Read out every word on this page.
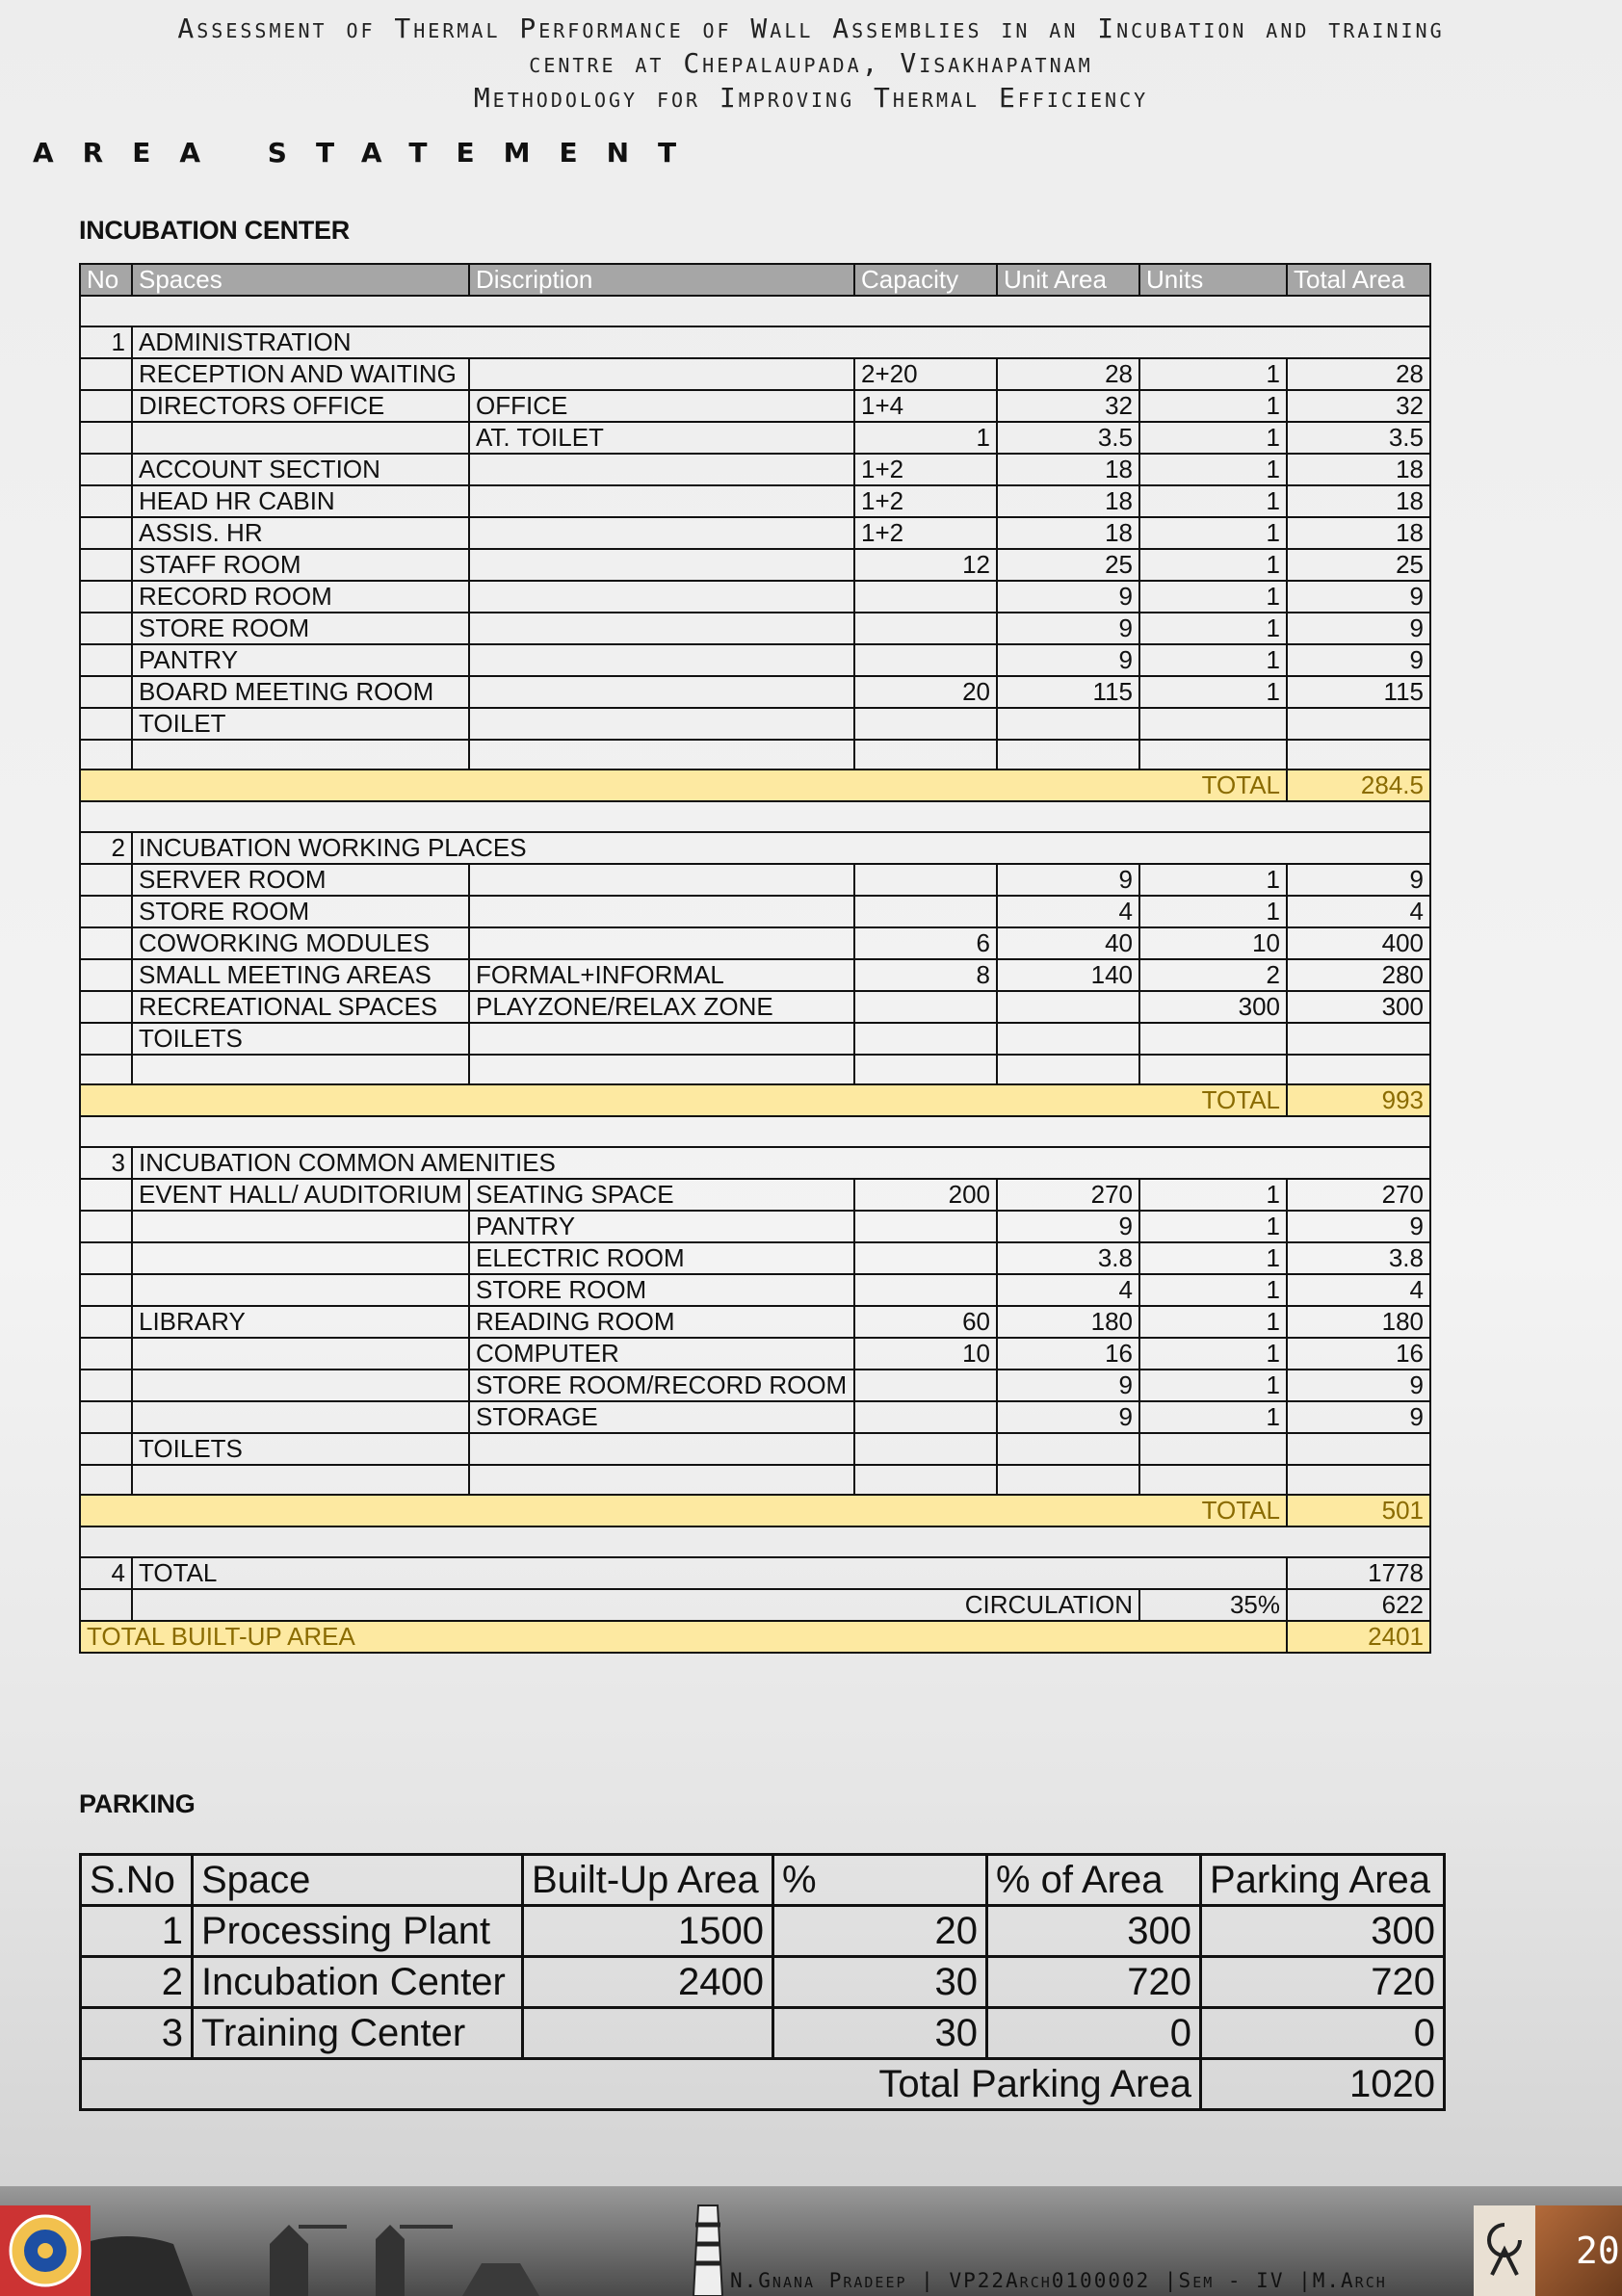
Assessment of Thermal Performance of Wall Assemblies in an Incubation and training
centre at Chepalaupada, Visakhapatnam
Methodology for Improving Thermal Efficiency
AREA STATEMENT
INCUBATION CENTER
No	Spaces	Discription	Capacity	Unit Area	Units	Total Area

1	ADMINISTRATION					
	RECEPTION AND WAITING		2+20	28	1	28
	DIRECTORS OFFICE	OFFICE	1+4	32	1	32
		AT. TOILET	1	3.5	1	3.5
	ACCOUNT SECTION		1+2	18	1	18
	HEAD HR CABIN		1+2	18	1	18
	ASSIS. HR		1+2	18	1	18
	STAFF ROOM		12	25	1	25
	RECORD ROOM			9	1	9
	STORE ROOM			9	1	9
	PANTRY			9	1	9
	BOARD MEETING ROOM		20	115	1	115
	TOILET					

TOTAL						284.5

2	INCUBATION WORKING PLACES					
	SERVER ROOM			9	1	9
	STORE ROOM			4	1	4
	COWORKING MODULES		6	40	10	400
	SMALL MEETING AREAS	FORMAL+INFORMAL	8	140	2	280
	RECREATIONAL SPACES	PLAYZONE/RELAX ZONE			300	300
	TOILETS					

TOTAL						993

3	INCUBATION COMMON AMENITIES					
	EVENT HALL/ AUDITORIUM	SEATING SPACE	200	270	1	270
		PANTRY		9	1	9
		ELECTRIC ROOM		3.8	1	3.8
		STORE ROOM		4	1	4
	LIBRARY	READING ROOM	60	180	1	180
		COMPUTER	10	16	1	16
		STORE ROOM/RECORD ROOM		9	1	9
		STORAGE		9	1	9
	TOILETS					

TOTAL						501

4	TOTAL					1778
	CIRCULATION				35%	622
TOTAL BUILT-UP AREA						2401
PARKING
S.No	Space	Built-Up Area	%	% of Area	Parking Area
1	Processing Plant	1500	20	300	300
2	Incubation Center	2400	30	720	720
3	Training Center		30	0	0
Total Parking Area					1020
N.Gnana Pradeep | VP22Arch0100002 |Sem - IV |M.Arch
20
